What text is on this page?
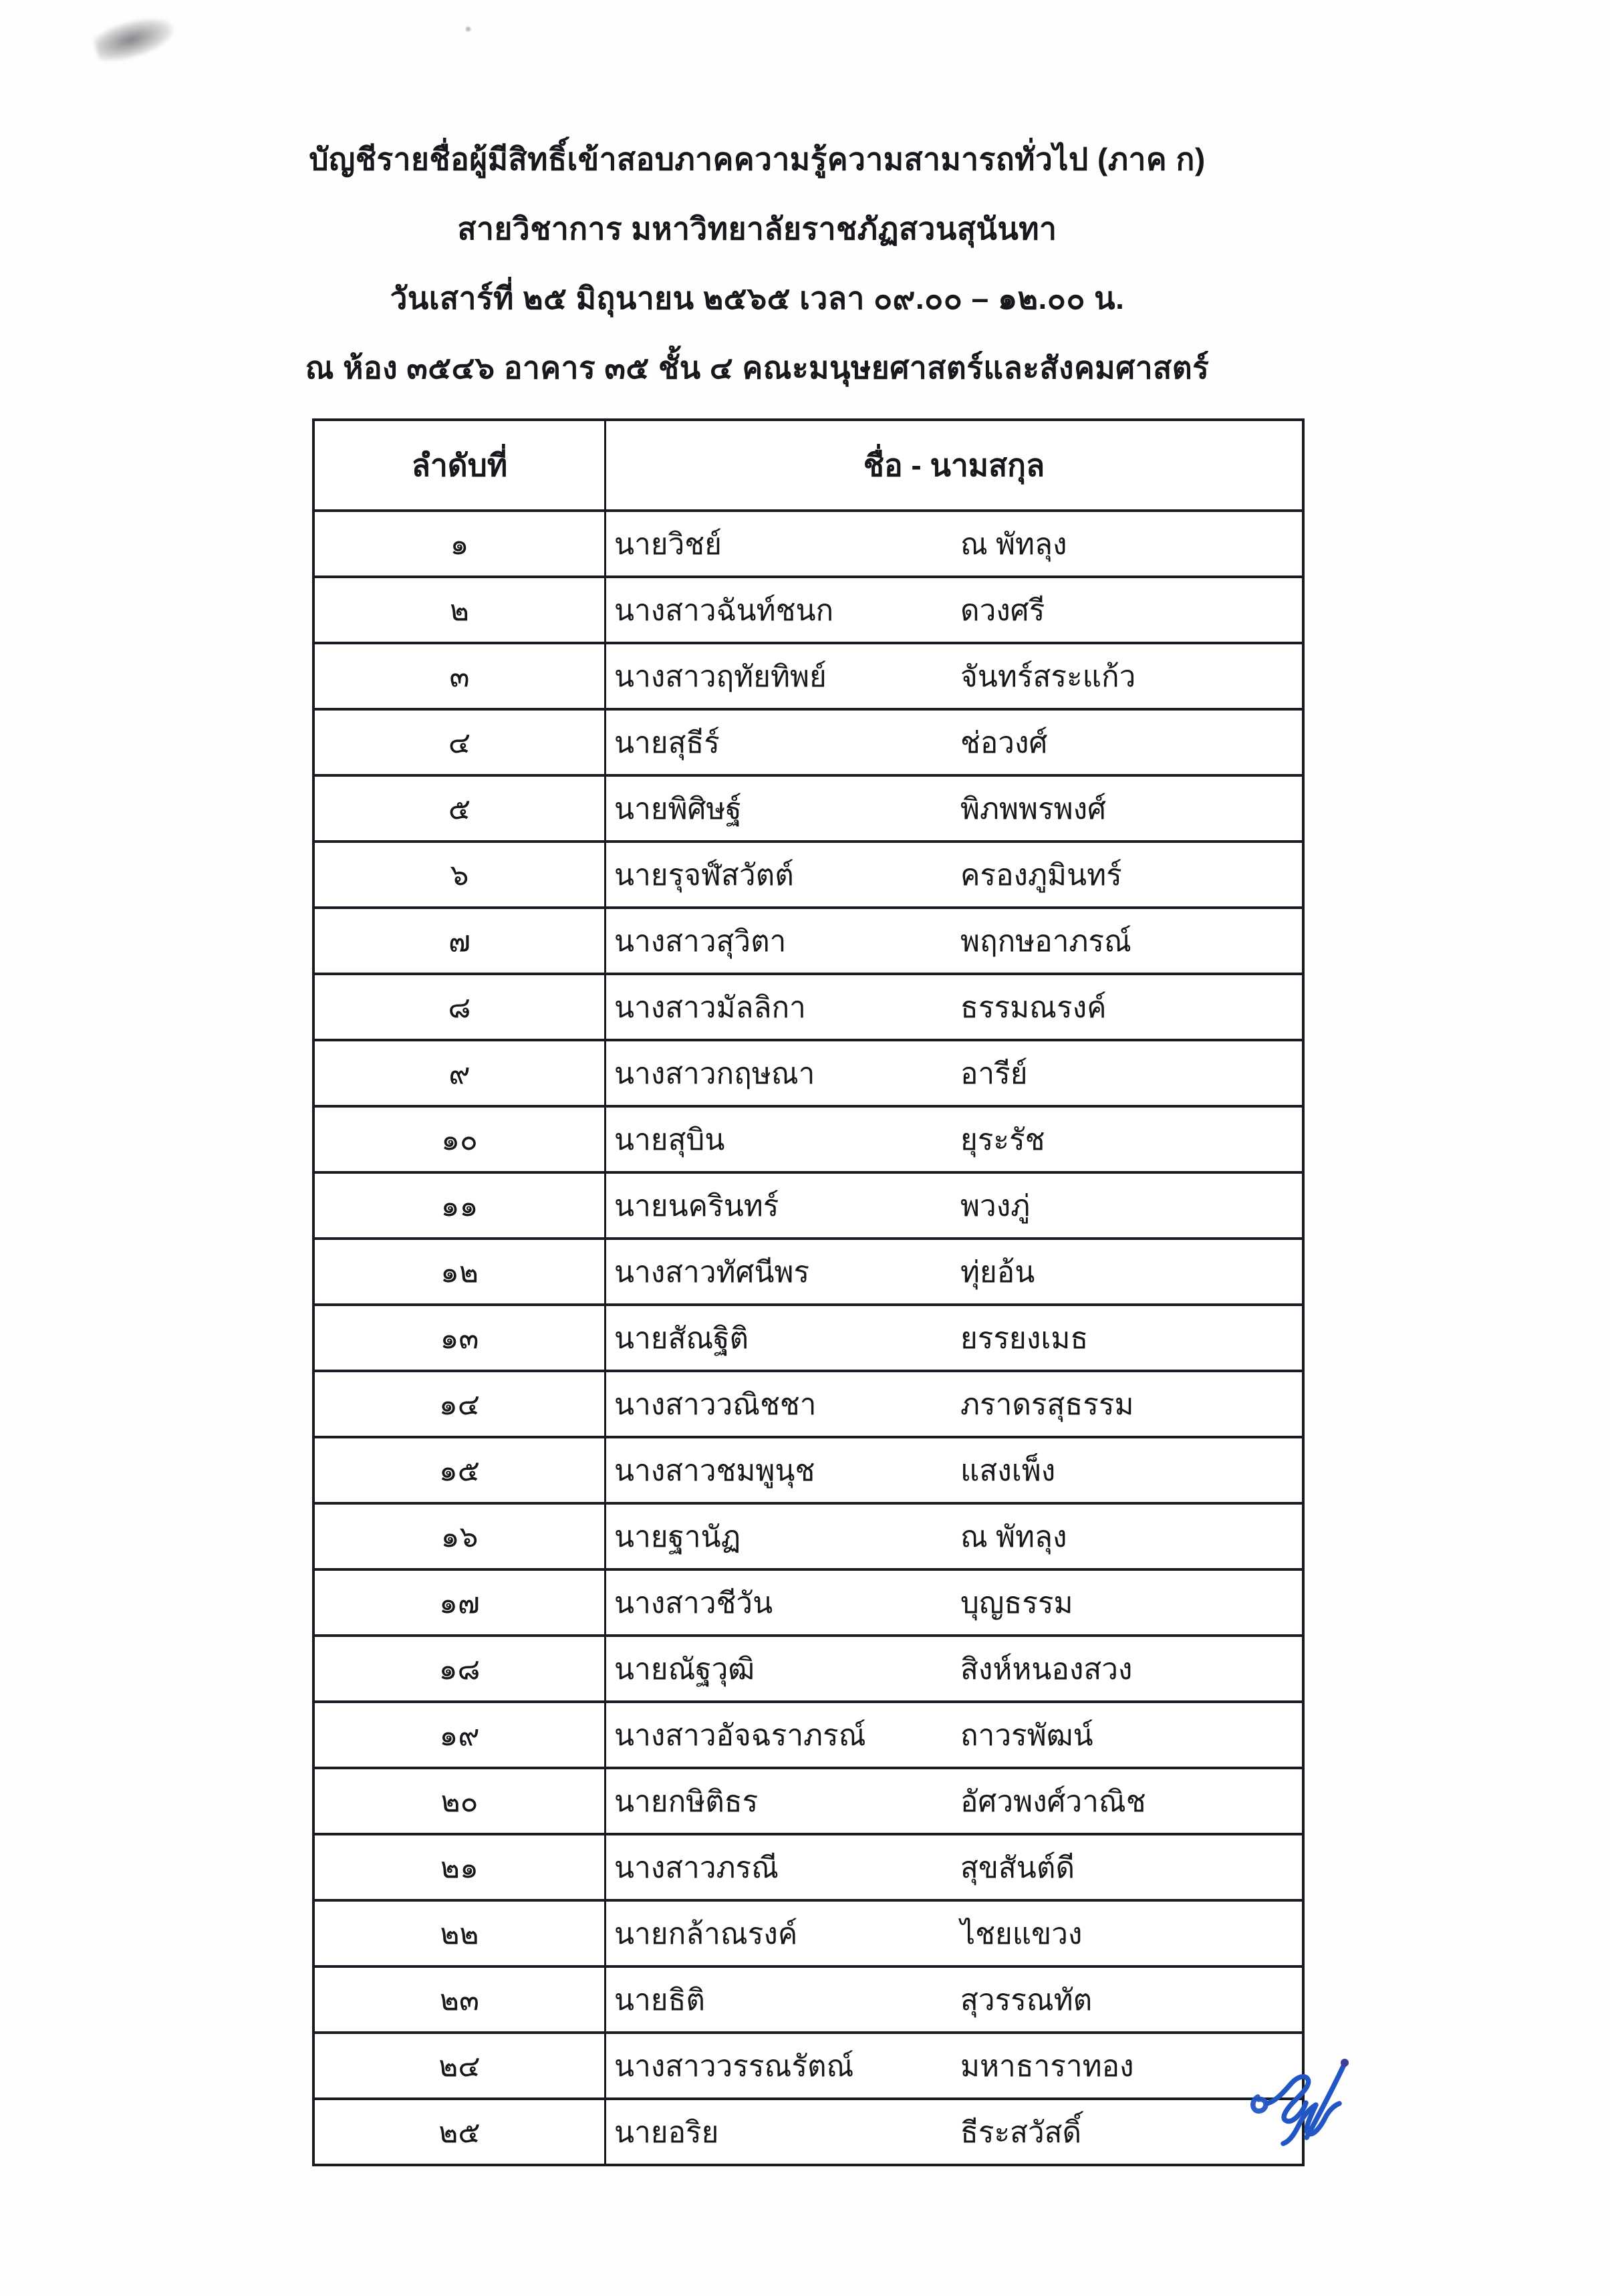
บัญชีรายชื่อผู้มีสิทธิ์เข้าสอบภาคความรู้ความสามารถทั่วไป (ภาค ก)
สายวิชาการ มหาวิทยาลัยราชภัฏสวนสุนันทา
วันเสาร์ที่ ๒๕ มิถุนายน ๒๕๖๕ เวลา ๐๙.๐๐ – ๑๒.๐๐ น.
ณ ห้อง ๓๕๔๖ อาคาร ๓๕ ชั้น ๔ คณะมนุษยศาสตร์และสังคมศาสตร์
ลำดับที่	ชื่อ - นามสกุล
๑	นายวิชย์	ณ พัทลุง
๒	นางสาวฉันท์ชนก	ดวงศรี
๓	นางสาวฤทัยทิพย์	จันทร์สระแก้ว
๔	นายสุธีร์	ช่อวงศ์
๕	นายพิศิษฐ์	พิภพพรพงศ์
๖	นายรุจฬ์สวัตต์	ครองภูมินทร์
๗	นางสาวสุวิตา	พฤกษอาภรณ์
๘	นางสาวมัลลิกา	ธรรมณรงค์
๙	นางสาวกฤษณา	อารีย์
๑๐	นายสุบิน	ยุระรัช
๑๑	นายนครินทร์	พวงภู่
๑๒	นางสาวทัศนีพร	ทุ่ยอ้น
๑๓	นายสัณฐิติ	ยรรยงเมธ
๑๔	นางสาววณิชชา	ภราดรสุธรรม
๑๕	นางสาวชมพูนุช	แสงเพ็ง
๑๖	นายฐานัฏ	ณ พัทลุง
๑๗	นางสาวชีวัน	บุญธรรม
๑๘	นายณัฐวุฒิ	สิงห์หนองสวง
๑๙	นางสาวอัจฉราภรณ์	ถาวรพัฒน์
๒๐	นายกษิติธร	อัศวพงศ์วาณิช
๒๑	นางสาวภรณี	สุขสันต์ดี
๒๒	นายกล้าณรงค์	ไชยแขวง
๒๓	นายธิติ	สุวรรณทัต
๒๔	นางสาววรรณรัตณ์	มหาธาราทอง
๒๕	นายอริย	ธีระสวัสดิ์
